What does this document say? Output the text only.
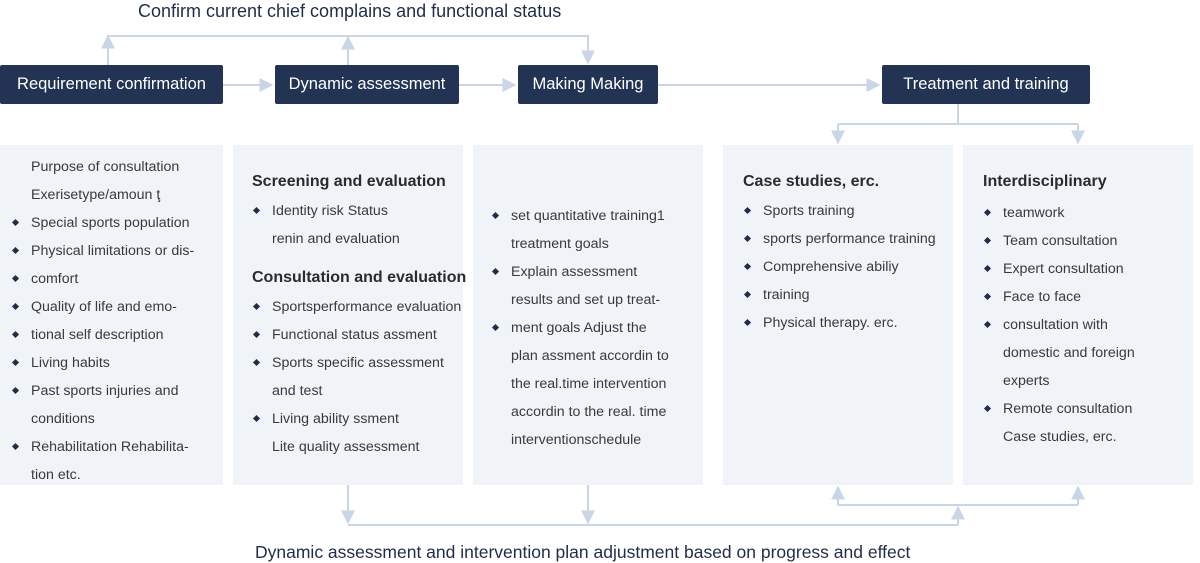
Confirm current chief complains and functional status
Requirement confirmation	Dynamic assessment	Making Making	Treatment and training
Purpose of consultation
Exerisetype/amoun ţ
Special sports population
Physical limitations or dis-
comfort
Quality of life and emo-
tional self description
Living habits
Past sports injuries and
conditions
Rehabilitation Rehabilita-
tion etc.
Screening and evaluation
Identity risk Status
renin and evaluation
Consultation and evaluation
Sportsperformance evaluation
Functional status assment
Sports specific assessment
and test
Living ability ssment
Lite quality assessment
set quantitative training1
treatment goals
Explain assessment
results and set up treat-
ment goals Adjust the
plan assment accordin to
the real.time intervention
accordin to the real. time
interventionschedule
Case studies, erc.
Sports training
sports performance training
Comprehensive abiliy
training
Physical therapy. erc.
Interdisciplinary
teamwork
Team consultation
Expert consultation
Face to face
consultation with
domestic and foreign
experts
Remote consultation
Case studies, erc.
Dynamic assessment and intervention plan adjustment based on progress and effect
